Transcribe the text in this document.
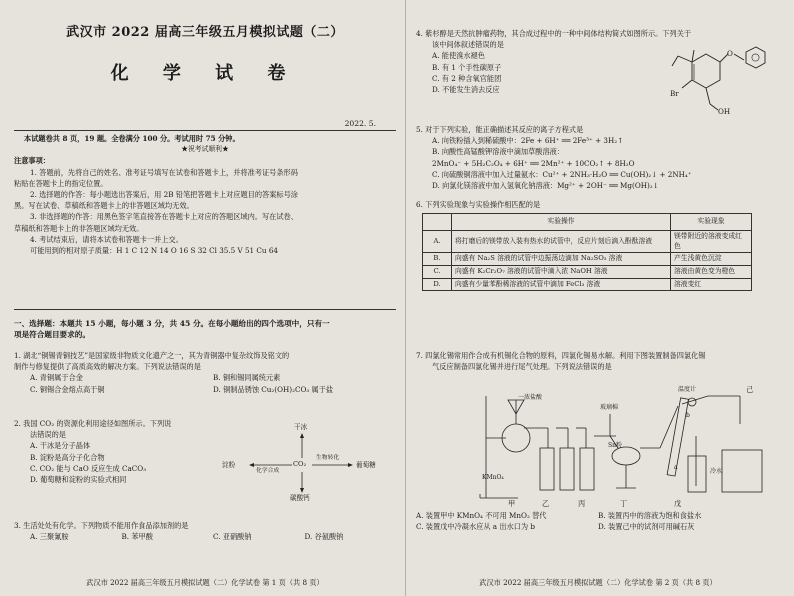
武汉市 2022 届高三年级五月模拟试题（二）
化 学 试 卷
2022. 5.

本试题卷共 8 页，19 题。全卷满分 100 分。考试用时 75 分钟。

★祝考试顺利★

注意事项：

1. 答题前，先将自己的姓名、准考证号填写在试卷和答题卡上，并将准考证号条形码

粘贴在答题卡上的指定位置。

2. 选择题的作答：每小题选出答案后，用 2B 铅笔把答题卡上对应题目的答案标号涂

黑。写在试卷、草稿纸和答题卡上的非答题区域均无效。

3. 非选择题的作答：用黑色签字笔直接答在答题卡上对应的答题区域内。写在试卷、

草稿纸和答题卡上的非答题区域均无效。

4. 考试结束后，请将本试卷和答题卡一并上交。

可能用到的相对原子质量：H 1 C 12 N 14 O 16 S 32 Cl 35.5 V 51 Cu 64

一、选择题：本题共 15 小题，每小题 3 分，共 45 分。在每小题给出的四个选项中，只有一

项是符合题目要求的。

1. 湖北“铜锡青铜技艺”是国家级非物质文化遗产之一，其为青铜器中复杂纹饰及铭文的

制作与修复提供了高质高效的解决方案。下列说法错误的是

A. 青铜属于合金	B. 铜和锡同属统元素
C. 铜锡合金熔点高于铜	D. 铜制品锈蚀 Cu₂(OH)₂CO₃ 属于盐

2. 我国 CO₂ 的资源化利用途径如图所示。下列说

法错误的是

A. 干冰是分子晶体

B. 淀粉是高分子化合物

C. CO₂ 能与 CaO 反应生成 CaCO₃

D. 葡萄糖和淀粉的实验式相同

干冰
CO₂
淀粉	葡萄糖
碳酸钙
化学合成
生物转化

3. 生活处处有化学。下列物质不能用作食品添加剂的是

A. 三聚氰胺	B. 苯甲酸	C. 亚硝酸钠	D. 谷氨酸钠
武汉市 2022 届高三年级五月模拟试题（二）化学试卷 第 1 页（共 8 页）

4. 紫杉醇是天然抗肿瘤药物，其合成过程中的一种中间体结构简式如图所示。下列关于

该中间体叙述错误的是

A. 能使溴水褪色

B. 有 1 个手性碳原子

C. 有 2 种含氧官能团

D. 不能发生消去反应

O
Br
OH

5. 对于下列实验，能正确描述其反应的离子方程式是

A. 向铁粉插入到稀硫酸中：2Fe + 6H⁺ ══ 2Fe³⁺ + 3H₂↑

B. 向酸性高锰酸钾溶液中滴加草酸溶液：

2MnO₄⁻ + 5H₂C₂O₄ + 6H⁺ ══ 2Mn²⁺ + 10CO₂↑ + 8H₂O

C. 向硫酸铜溶液中加入过量氨水：Cu²⁺ + 2NH₃·H₂O ══ Cu(OH)₂↓ + 2NH₄⁺

D. 向氯化镁溶液中加入氢氧化钠溶液：Mg²⁺ + 2OH⁻ ══ Mg(OH)₂↓

6. 下列实验现象与实验操作相匹配的是

	实验操作	实验现象
A.	将打磨后的镁带放入装有热水的试管中，反应片刻后滴入酚酞溶液	镁带附近的溶液变成红色
B.	向盛有 Na₂S 溶液的试管中边振荡边滴加 Na₂SO₃ 溶液	产生浅黄色沉淀
C.	向盛有 K₂Cr₂O₇ 溶液的试管中滴入浓 NaOH 溶液	溶液由黄色变为橙色
D.	向盛有少量苯酚稀溶液的试管中滴加 FeCl₃ 溶液	溶液变红

7. 四氯化锡常用作合成有机锡化合物的原料，四氯化锡易水解。利用下图装置制备四氯化锡

气反应制备四氯化锡并进行尾气处理。下列说法错误的是

一浓盐酸
KMnO₄
Sn粉
玻璃棉
温度计
冷水
a
b
甲	乙	丙	丁	戊
己
A. 装置甲中 KMnO₄ 不可用 MnO₂ 替代	B. 装置丙中的溶液为饱和食盐水
C. 装置戊中冷凝水应从 a 出水口为 b	D. 装置己中的试剂可用碱石灰
武汉市 2022 届高三年级五月模拟试题（二）化学试卷 第 2 页（共 8 页）
